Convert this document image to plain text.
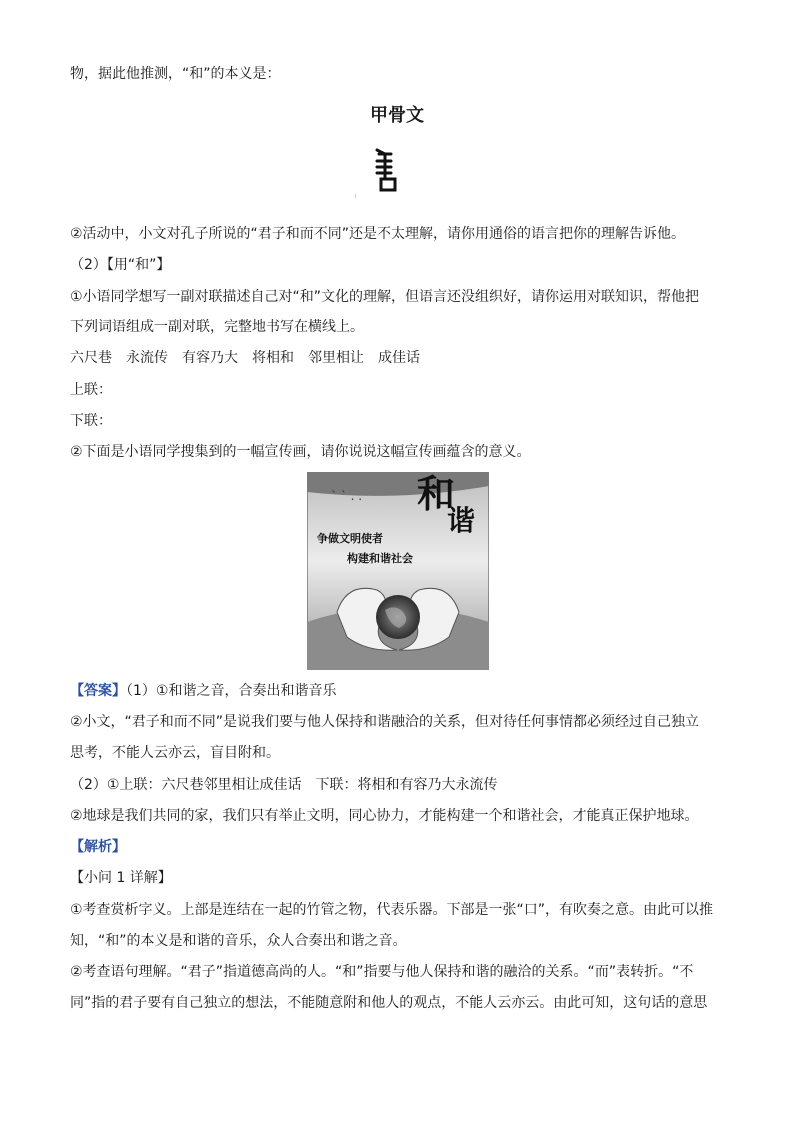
物，据此他推测，“和”的本义是：
甲骨文
②活动中，小文对孔子所说的“君子和而不同”还是不太理解，请你用通俗的语言把你的理解告诉他。
（2）【用“和”】
①小语同学想写一副对联描述自己对“和”文化的理解，但语言还没组织好，请你运用对联知识，帮他把
下列词语组成一副对联，完整地书写在横线上。
六尺巷　永流传　有容乃大　将相和　邻里相让　成佳话
上联：
下联：
②下面是小语同学搜集到的一幅宣传画，请你说说这幅宣传画蕴含的意义。
` ` . . 和
谐
争做文明使者
构建和谐社会
【答案】（1）①和谐之音，合奏出和谐音乐
②小文，“君子和而不同”是说我们要与他人保持和谐融洽的关系，但对待任何事情都必须经过自己独立
思考，不能人云亦云，盲目附和。
（2）①上联：六尺巷邻里相让成佳话　下联：将相和有容乃大永流传
②地球是我们共同的家，我们只有举止文明，同心协力，才能构建一个和谐社会，才能真正保护地球。
【解析】
【小问 1 详解】
①考查赏析字义。上部是连结在一起的竹管之物，代表乐器。下部是一张“口”，有吹奏之意。由此可以推
知，“和”的本义是和谐的音乐，众人合奏出和谐之音。
②考查语句理解。“君子”指道德高尚的人。“和”指要与他人保持和谐的融洽的关系。“而”表转折。“不
同”指的君子要有自己独立的想法，不能随意附和他人的观点，不能人云亦云。由此可知，这句话的意思
